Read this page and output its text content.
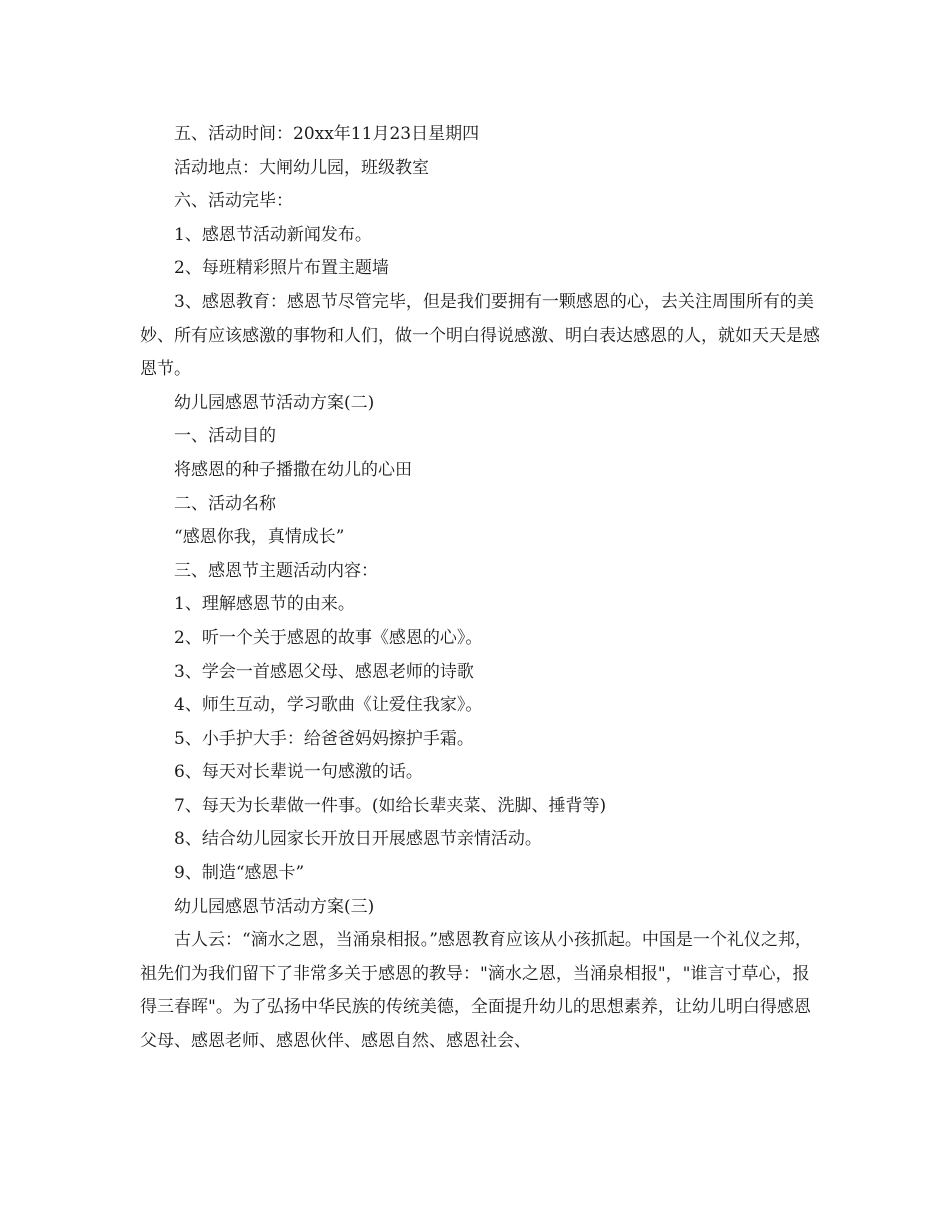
五、活动时间：20xx年11月23日星期四

活动地点：大闸幼儿园，班级教室

六、活动完毕：

1、感恩节活动新闻发布。

2、每班精彩照片布置主题墙

3、感恩教育：感恩节尽管完毕，但是我们要拥有一颗感恩的心，去关注周围所有的美妙、所有应该感激的事物和人们，做一个明白得说感激、明白表达感恩的人，就如天天是感恩节。

幼儿园感恩节活动方案(二)

一、活动目的

将感恩的种子播撒在幼儿的心田

二、活动名称

“感恩你我，真情成长”

三、感恩节主题活动内容：

1、理解感恩节的由来。

2、听一个关于感恩的故事《感恩的心》。

3、学会一首感恩父母、感恩老师的诗歌

4、师生互动，学习歌曲《让爱住我家》。

5、小手护大手：给爸爸妈妈擦护手霜。

6、每天对长辈说一句感激的话。

7、每天为长辈做一件事。(如给长辈夹菜、洗脚、捶背等)

8、结合幼儿园家长开放日开展感恩节亲情活动。

9、制造“感恩卡”

幼儿园感恩节活动方案(三)

古人云：“滴水之恩，当涌泉相报。”感恩教育应该从小孩抓起。中国是一个礼仪之邦，祖先们为我们留下了非常多关于感恩的教导："滴水之恩，当涌泉相报"，"谁言寸草心，报得三春晖"。为了弘扬中华民族的传统美德，全面提升幼儿的思想素养，让幼儿明白得感恩父母、感恩老师、感恩伙伴、感恩自然、感恩社会、
